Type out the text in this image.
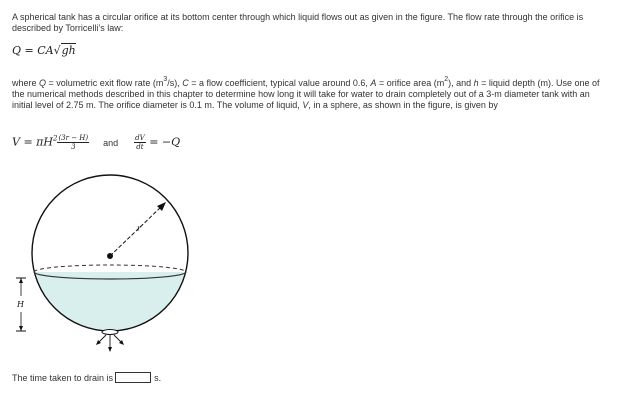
A spherical tank has a circular orifice at its bottom center through which liquid flows out as given in the figure. The flow rate through the orifice is described by Torricelli’s law:
Q = CA√gh
where Q = volumetric exit flow rate $(m^3/s)$, C = a flow coefficient, typical value around 0.6, A = orifice area $(m^2)$, and h = liquid depth (m). Use one of the numerical methods described in this chapter to determine how long it will take for water to drain completely out of a 3-m diameter tank with an initial level of 2.75 m. The orifice diameter is 0.1 m. The volume of liquid, V, in a sphere, as shown in the figure, is given by
$V = \pi H^2 \frac{(3r - H)}{3}$ and $\frac{dV}{dt} = -Q$
r
H
The time taken to drain is	s.
